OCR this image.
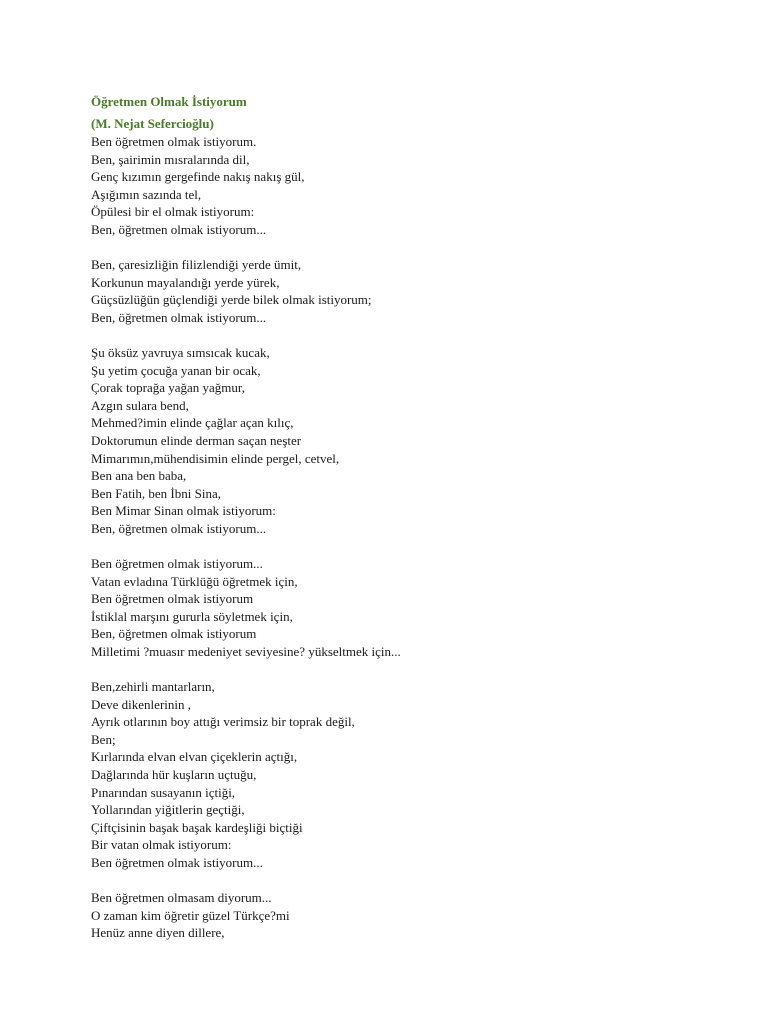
Öğretmen Olmak İstiyorum
(M. Nejat Sefercioğlu)
Ben öğretmen olmak istiyorum.
Ben, şairimin mısralarında dil,
Genç kızımın gergefinde nakış nakış gül,
Aşığımın sazında tel,
Öpülesi bir el olmak istiyorum:
Ben, öğretmen olmak istiyorum...
Ben, çaresizliğin filizlendiği yerde ümit,
Korkunun mayalandığı yerde yürek,
Güçsüzlüğün güçlendiği yerde bilek olmak istiyorum;
Ben, öğretmen olmak istiyorum...
Şu öksüz yavruya sımsıcak kucak,
Şu yetim çocuğa yanan bir ocak,
Çorak toprağa yağan yağmur,
Azgın sulara bend,
Mehmed?imin elinde çağlar açan kılıç,
Doktorumun elinde derman saçan neşter
Mimarımın,mühendisimin elinde pergel, cetvel,
Ben ana ben baba,
Ben Fatih, ben İbni Sina,
Ben Mimar Sinan olmak istiyorum:
Ben, öğretmen olmak istiyorum...
Ben öğretmen olmak istiyorum...
Vatan evladına Türklüğü öğretmek için,
Ben öğretmen olmak istiyorum
İstiklal marşını gururla söyletmek için,
Ben, öğretmen olmak istiyorum
Milletimi ?muasır medeniyet seviyesine? yükseltmek için...
Ben,zehirli mantarların,
Deve dikenlerinin ,
Ayrık otlarının boy attığı verimsiz bir toprak değil,
Ben;
Kırlarında elvan elvan çiçeklerin açtığı,
Dağlarında hür kuşların uçtuğu,
Pınarından susayanın içtiği,
Yollarından yiğitlerin geçtiği,
Çiftçisinin başak başak kardeşliği biçtiği
Bir vatan olmak istiyorum:
Ben öğretmen olmak istiyorum...
Ben öğretmen olmasam diyorum...
O zaman kim öğretir güzel Türkçe?mi
Henüz anne diyen dillere,
